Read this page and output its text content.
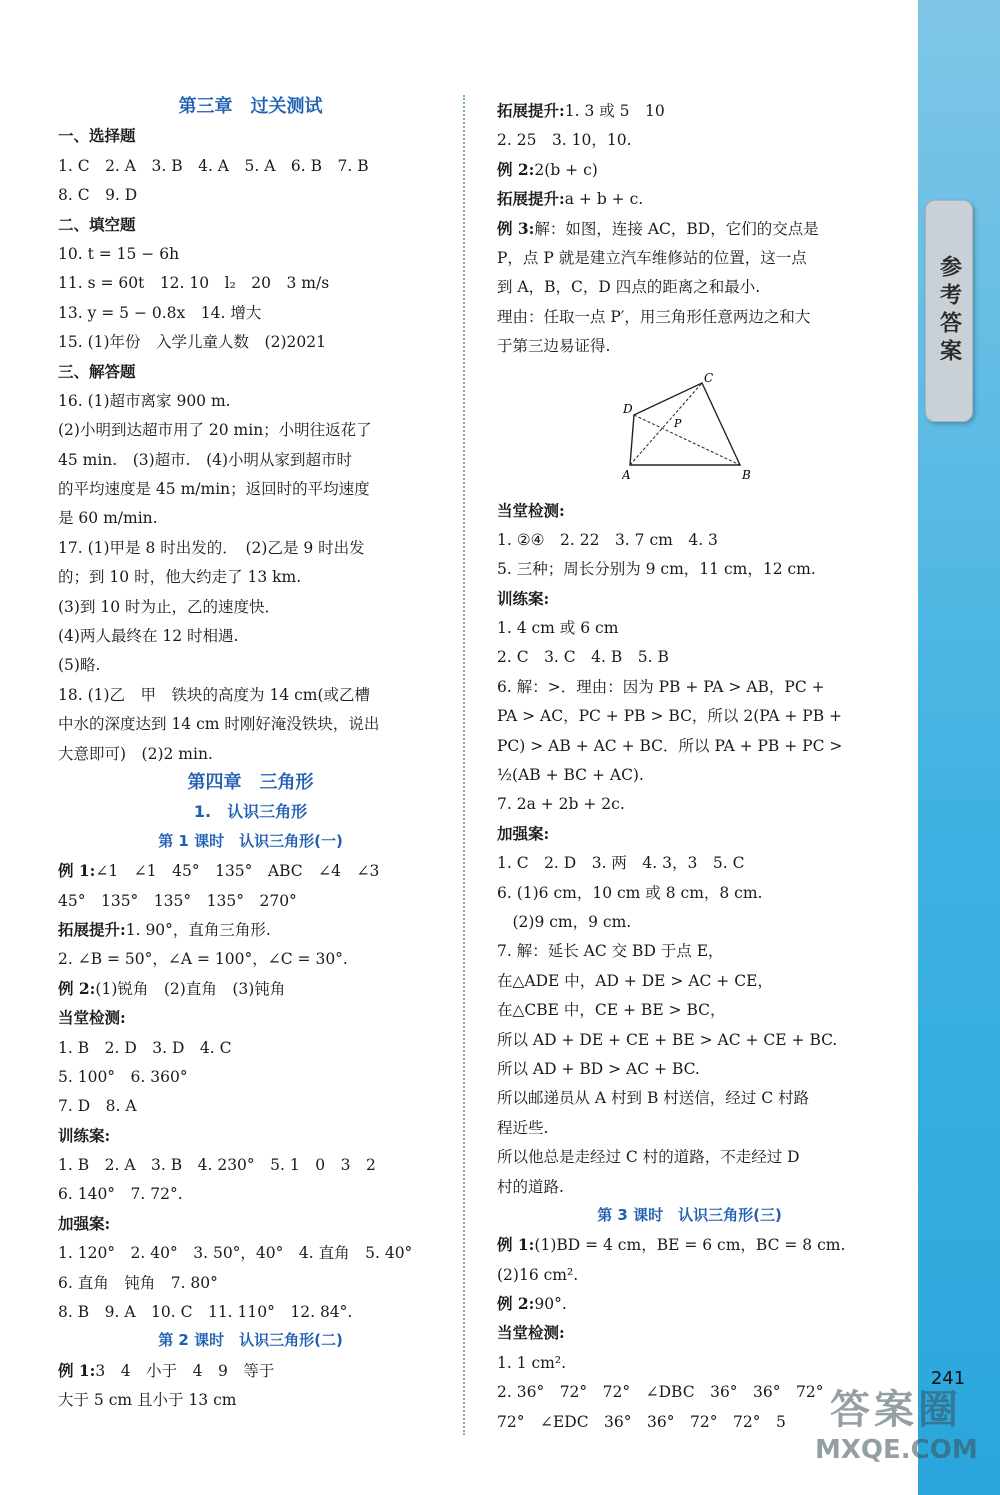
参考答案
第三章　过关测试
一、选择题
1. C　2. A　3. B　4. A　5. A　6. B　7. B
8. C　9. D
二、填空题
10. t = 15 − 6h
11. s = 60t　12. 10　l₂　20　3 m/s
13. y = 5 − 0.8x　14. 增大
15. (1)年份　入学儿童人数　(2)2021
三、解答题
16. (1)超市离家 900 m.
(2)小明到达超市用了 20 min；小明往返花了
45 min.　(3)超市.　(4)小明从家到超市时
的平均速度是 45 m/min；返回时的平均速度
是 60 m/min.
17. (1)甲是 8 时出发的．　(2)乙是 9 时出发
的；到 10 时，他大约走了 13 km.
(3)到 10 时为止，乙的速度快．
(4)两人最终在 12 时相遇.
(5)略.
18. (1)乙　甲　铁块的高度为 14 cm(或乙槽
中水的深度达到 14 cm 时刚好淹没铁块，说出
大意即可)　(2)2 min.
第四章　三角形
1.　认识三角形
第 1 课时　认识三角形(一)
例 1:∠1　∠1　45°　135°　ABC　∠4　∠3
45°　135°　135°　135°　270°
拓展提升:1. 90°，直角三角形.
2. ∠B = 50°，∠A = 100°，∠C = 30°.
例 2:(1)锐角　(2)直角　(3)钝角
当堂检测:
1. B　2. D　3. D　4. C
5. 100°　6. 360°
7. D　8. A
训练案:
1. B　2. A　3. B　4. 230°　5. 1　0　3　2
6. 140°　7. 72°.
加强案:
1. 120°　2. 40°　3. 50°，40°　4. 直角　5. 40°
6. 直角　钝角　7. 80°
8. B　9. A　10. C　11. 110°　12. 84°.
第 2 课时　认识三角形(二)
例 1:3　4　小于　4　9　等于
大于 5 cm 且小于 13 cm
拓展提升:1. 3 或 5　10
2. 25　3. 10，10.
例 2:2(b + c)
拓展提升:a + b + c.
例 3:解：如图，连接 AC，BD，它们的交点是
P，点 P 就是建立汽车维修站的位置，这一点
到 A，B，C，D 四点的距离之和最小.
理由：任取一点 P′，用三角形任意两边之和大
于第三边易证得.
A	B
C
D
P
当堂检测:
1. ②④　2. 22　3. 7 cm　4. 3
5. 三种；周长分别为 9 cm，11 cm，12 cm.
训练案:
1. 4 cm 或 6 cm
2. C　3. C　4. B　5. B
6. 解：>．理由：因为 PB + PA > AB，PC +
PA > AC，PC + PB > BC，所以 2(PA + PB +
PC) > AB + AC + BC．所以 PA + PB + PC >
½(AB + BC + AC).
7. 2a + 2b + 2c.
加强案:
1. C　2. D　3. 两　4. 3，3　5. C
6. (1)6 cm，10 cm 或 8 cm，8 cm.
　(2)9 cm，9 cm.
7. 解：延长 AC 交 BD 于点 E，
在△ADE 中，AD + DE > AC + CE，
在△CBE 中，CE + BE > BC，
所以 AD + DE + CE + BE > AC + CE + BC.
所以 AD + BD > AC + BC.
所以邮递员从 A 村到 B 村送信，经过 C 村路
程近些.
所以他总是走经过 C 村的道路，不走经过 D
村的道路.
第 3 课时　认识三角形(三)
例 1:(1)BD = 4 cm，BE = 6 cm，BC = 8 cm.
(2)16 cm².
例 2:90°.
当堂检测:
1. 1 cm².
2. 36°　72°　72°　∠DBC　36°　36°　72°
72°　∠EDC　36°　36°　72°　72°　5
241
答案圈
MXQE.COM
